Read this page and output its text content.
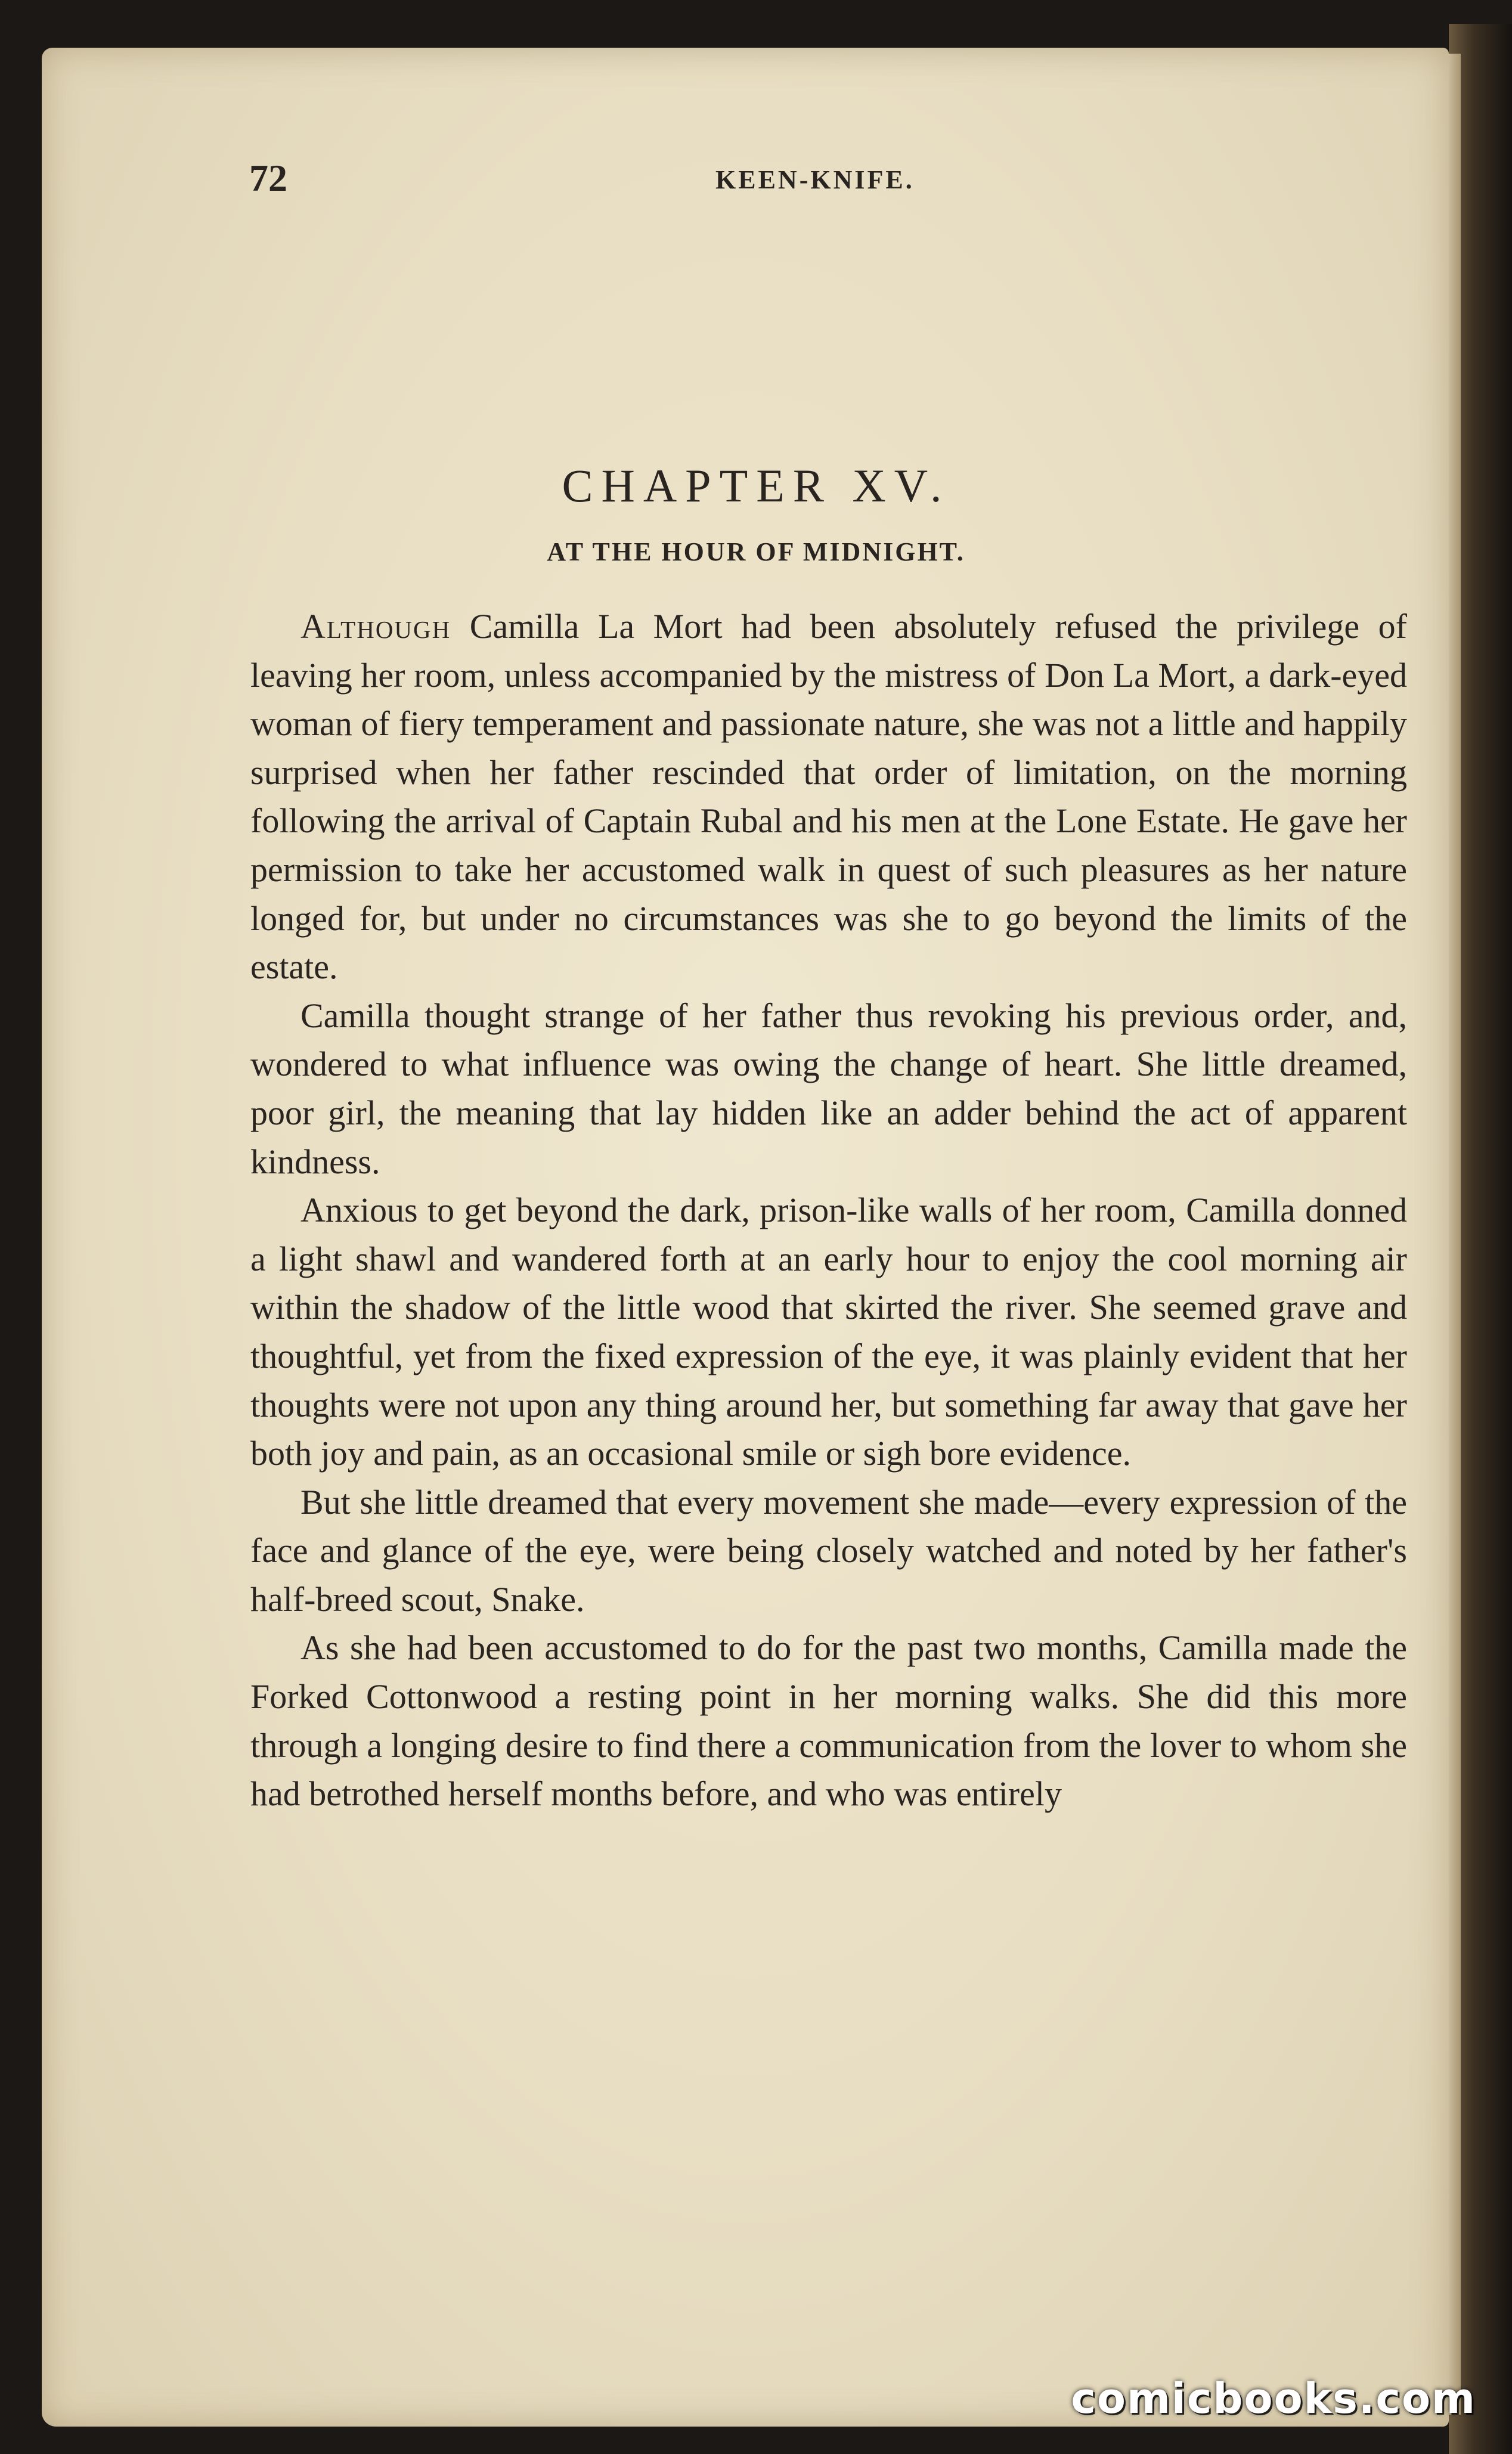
72	KEEN-KNIFE.
CHAPTER XV.
AT THE HOUR OF MIDNIGHT.

Although Camilla La Mort had been absolutely refused the privilege of leaving her room, unless accompanied by the mistress of Don La Mort, a dark-eyed woman of fiery temperament and passionate nature, she was not a little and happily surprised when her father rescinded that order of limitation, on the morning following the arrival of Captain Rubal and his men at the Lone Estate. He gave her permission to take her accustomed walk in quest of such pleasures as her nature longed for, but under no circumstances was she to go beyond the limits of the estate.

Camilla thought strange of her father thus revoking his previous order, and, wondered to what influence was owing the change of heart. She little dreamed, poor girl, the meaning that lay hidden like an adder behind the act of apparent kindness.

Anxious to get beyond the dark, prison-like walls of her room, Camilla donned a light shawl and wandered forth at an early hour to enjoy the cool morning air within the shadow of the little wood that skirted the river. She seemed grave and thoughtful, yet from the fixed expression of the eye, it was plainly evident that her thoughts were not upon any thing around her, but something far away that gave her both joy and pain, as an occasional smile or sigh bore evidence.

But she little dreamed that every movement she made—every expression of the face and glance of the eye, were being closely watched and noted by her father's half-breed scout, Snake.

As she had been accustomed to do for the past two months, Camilla made the Forked Cottonwood a resting point in her morning walks. She did this more through a longing desire to find there a communication from the lover to whom she had betrothed herself months before, and who was entirely

comicbooks.com
